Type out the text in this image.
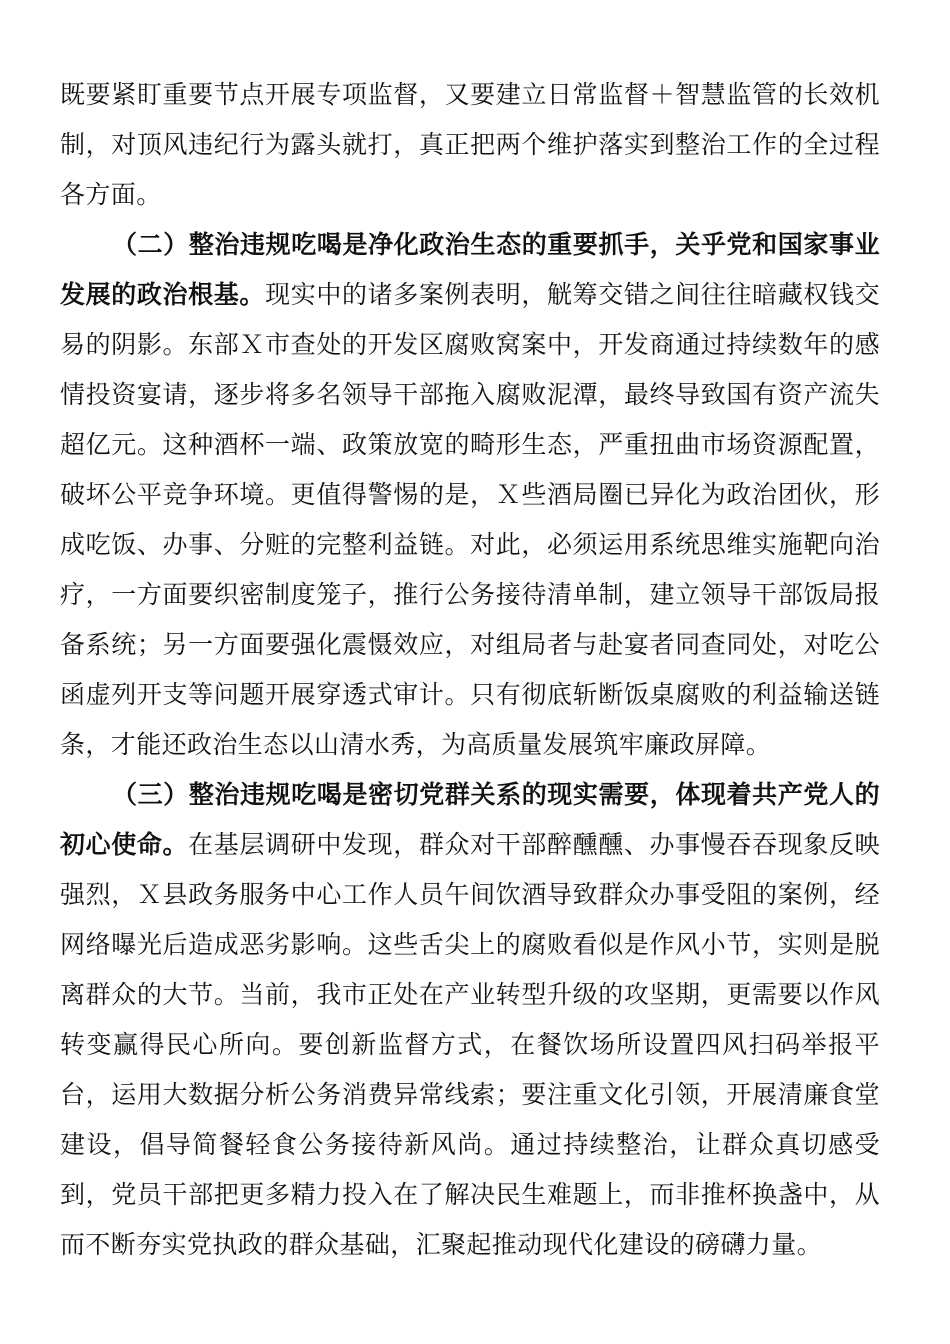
既要紧盯重要节点开展专项监督，又要建立日常监督＋智慧监管的长效机制，对顶风违纪行为露头就打，真正把两个维护落实到整治工作的全过程各方面。

（二）整治违规吃喝是净化政治生态的重要抓手，关乎党和国家事业发展的政治根基。现实中的诸多案例表明，觥筹交错之间往往暗藏权钱交易的阴影。东部Ｘ市查处的开发区腐败窝案中，开发商通过持续数年的感情投资宴请，逐步将多名领导干部拖入腐败泥潭，最终导致国有资产流失超亿元。这种酒杯一端、政策放宽的畸形生态，严重扭曲市场资源配置，破坏公平竞争环境。更值得警惕的是，Ｘ些酒局圈已异化为政治团伙，形成吃饭、办事、分赃的完整利益链。对此，必须运用系统思维实施靶向治疗，一方面要织密制度笼子，推行公务接待清单制，建立领导干部饭局报备系统；另一方面要强化震慑效应，对组局者与赴宴者同查同处，对吃公函虚列开支等问题开展穿透式审计。只有彻底斩断饭桌腐败的利益输送链条，才能还政治生态以山清水秀，为高质量发展筑牢廉政屏障。

（三）整治违规吃喝是密切党群关系的现实需要，体现着共产党人的初心使命。在基层调研中发现，群众对干部醉醺醺、办事慢吞吞现象反映强烈，Ｘ县政务服务中心工作人员午间饮酒导致群众办事受阻的案例，经网络曝光后造成恶劣影响。这些舌尖上的腐败看似是作风小节，实则是脱离群众的大节。当前，我市正处在产业转型升级的攻坚期，更需要以作风转变赢得民心所向。要创新监督方式，在餐饮场所设置四风扫码举报平台，运用大数据分析公务消费异常线索；要注重文化引领，开展清廉食堂建设，倡导简餐轻食公务接待新风尚。通过持续整治，让群众真切感受到，党员干部把更多精力投入在了解决民生难题上，而非推杯换盏中，从而不断夯实党执政的群众基础，汇聚起推动现代化建设的磅礴力量。
